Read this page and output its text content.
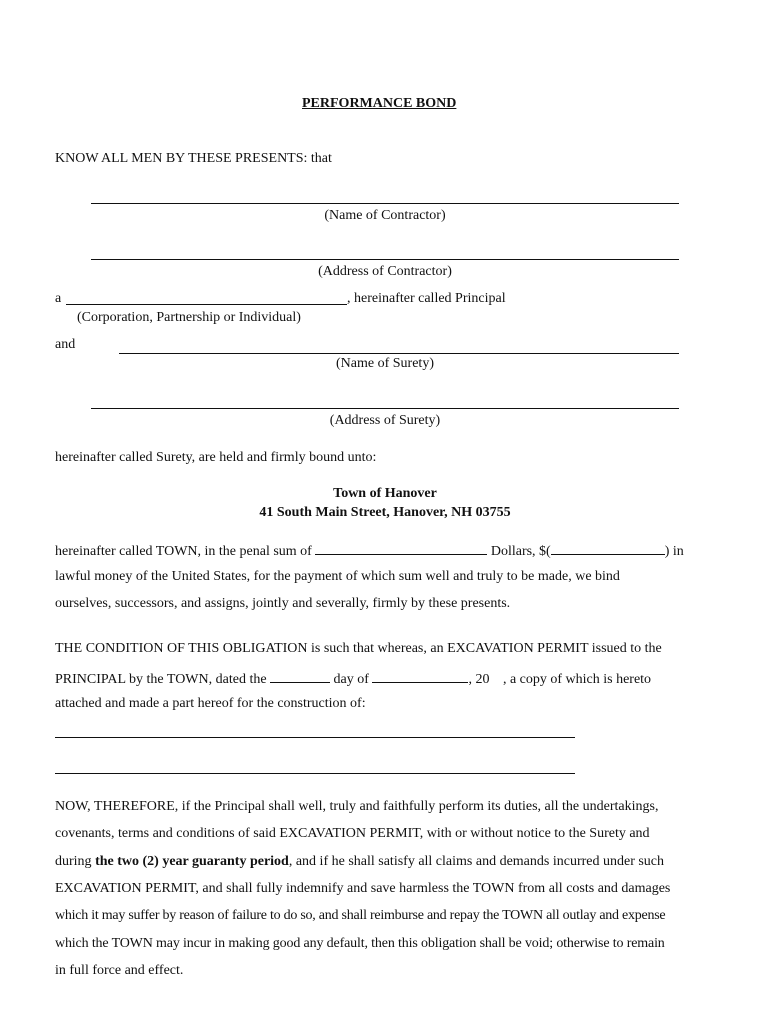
PERFORMANCE BOND
KNOW ALL MEN BY THESE PRESENTS: that
(Name of Contractor)
(Address of Contractor)
a	, hereinafter called Principal
(Corporation, Partnership or Individual)
and
(Name of Surety)
(Address of Surety)
hereinafter called Surety, are held and firmly bound unto:
Town of Hanover
41 South Main Street, Hanover, NH 03755
hereinafter called TOWN, in the penal sum of	Dollars, $(	) in
lawful money of the United States, for the payment of which sum well and truly to be made, we bind
ourselves, successors, and assigns, jointly and severally, firmly by these presents.
THE CONDITION OF THIS OBLIGATION is such that whereas, an EXCAVATION PERMIT issued to the
PRINCIPAL by the TOWN, dated the	day of	, 20 , a copy of which is hereto
attached and made a part hereof for the construction of:
NOW, THEREFORE, if the Principal shall well, truly and faithfully perform its duties, all the undertakings,
covenants, terms and conditions of said EXCAVATION PERMIT, with or without notice to the Surety and
during the two (2) year guaranty period, and if he shall satisfy all claims and demands incurred under such
EXCAVATION PERMIT, and shall fully indemnify and save harmless the TOWN from all costs and damages
which it may suffer by reason of failure to do so, and shall reimburse and repay the TOWN all outlay and expense
which the TOWN may incur in making good any default, then this obligation shall be void; otherwise to remain
in full force and effect.
